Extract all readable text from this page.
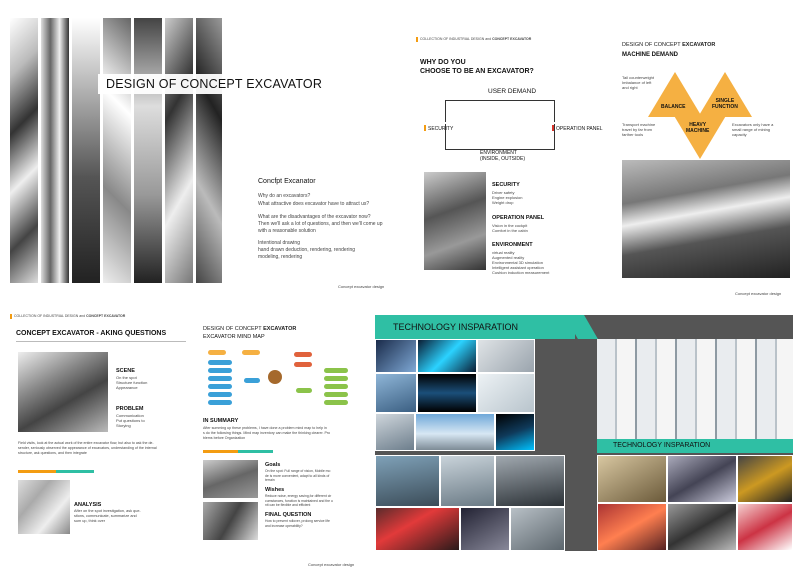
DESIGN OF CONCEPT EXCAVATOR
Concfpt Excanator
Why do an excavators?
What attractive does excavator have to attract us?
What are the disadvantages of the excavator now?
Then we'll ask a lot of questions, and then we'll come up
with a reasonable solution
Intentional drawing
hand drawn deduction, rendering, rendering
modeling, rendering
Concept excavator design
COLLECTION OF INDUSTRIAL DESIGN and CONCEPT EXCAVATOR
WHY DO YOU
CHOOSE TO BE AN EXCAVATOR?
USER DEMAND
SECURITY	OPERATION PANEL
ENVIRONMENT
(INSIDE, OUTSIDE)
DESIGN OF CONCEPT EXCAVATOR
MACHINE DEMAND
Tail counterweight
Imbalance of left
and right
Transport machine
travel by far from
farther tools
Excavators only have a
small range of mining
capacity
BALANCE
SINGLE
FUNCTION
HEAVY
MACHINE
SECURITY
Driver safety
Engine explosion
Weight drop
OPERATION PANEL
Vision in the cockpit
Comfort in the cabin
ENVIRONMENT
virtual reality
Augmented reality
Environmental 3D simulation
Intelligent assistant operation
Cushion induction measurement
Concept excavator design
COLLECTION OF INDUSTRIAL DESIGN and CONCEPT EXCAVATOR
CONCEPT EXCAVATOR - AKING QUESTIONS
SCENE
On the spot
Structure function
Appearance
PROBLEM
Communication
Put questions to
Storying
Field visits, look at the actual work of the entire excavator flow, but also to ask the de-
sender, seriously observed the appearance of excavators, understanding of the internal
structure, ask questions, and then integrate
ANALYSIS
After on the spot investigation, ask que-
stions, communicate, summarize and
sum up, think over
DESIGN OF CONCEPT EXCAVATOR
EXCAVATOR MIND MAP
IN SUMMARY
After summing up these problems, I have done a problem mind map to help in
s do the following things. Mind map inventory can make the thinking clearer. Pro
blems before Organization
Goals
On the spot: Full range of vision, Mobile mo
de is more convenient, adapt to all kinds of
terrain
Wishes
Reduce noise, energy saving,for different cir
cumstances, function is maintained and the u
nit can be flexible and efficient
FINAL QUESTION
How to present rollover, prolong service life
and increase operability?
Concept excavator design
TECHNOLOGY INSPARATION
TECHNOLOGY INSPARATION
